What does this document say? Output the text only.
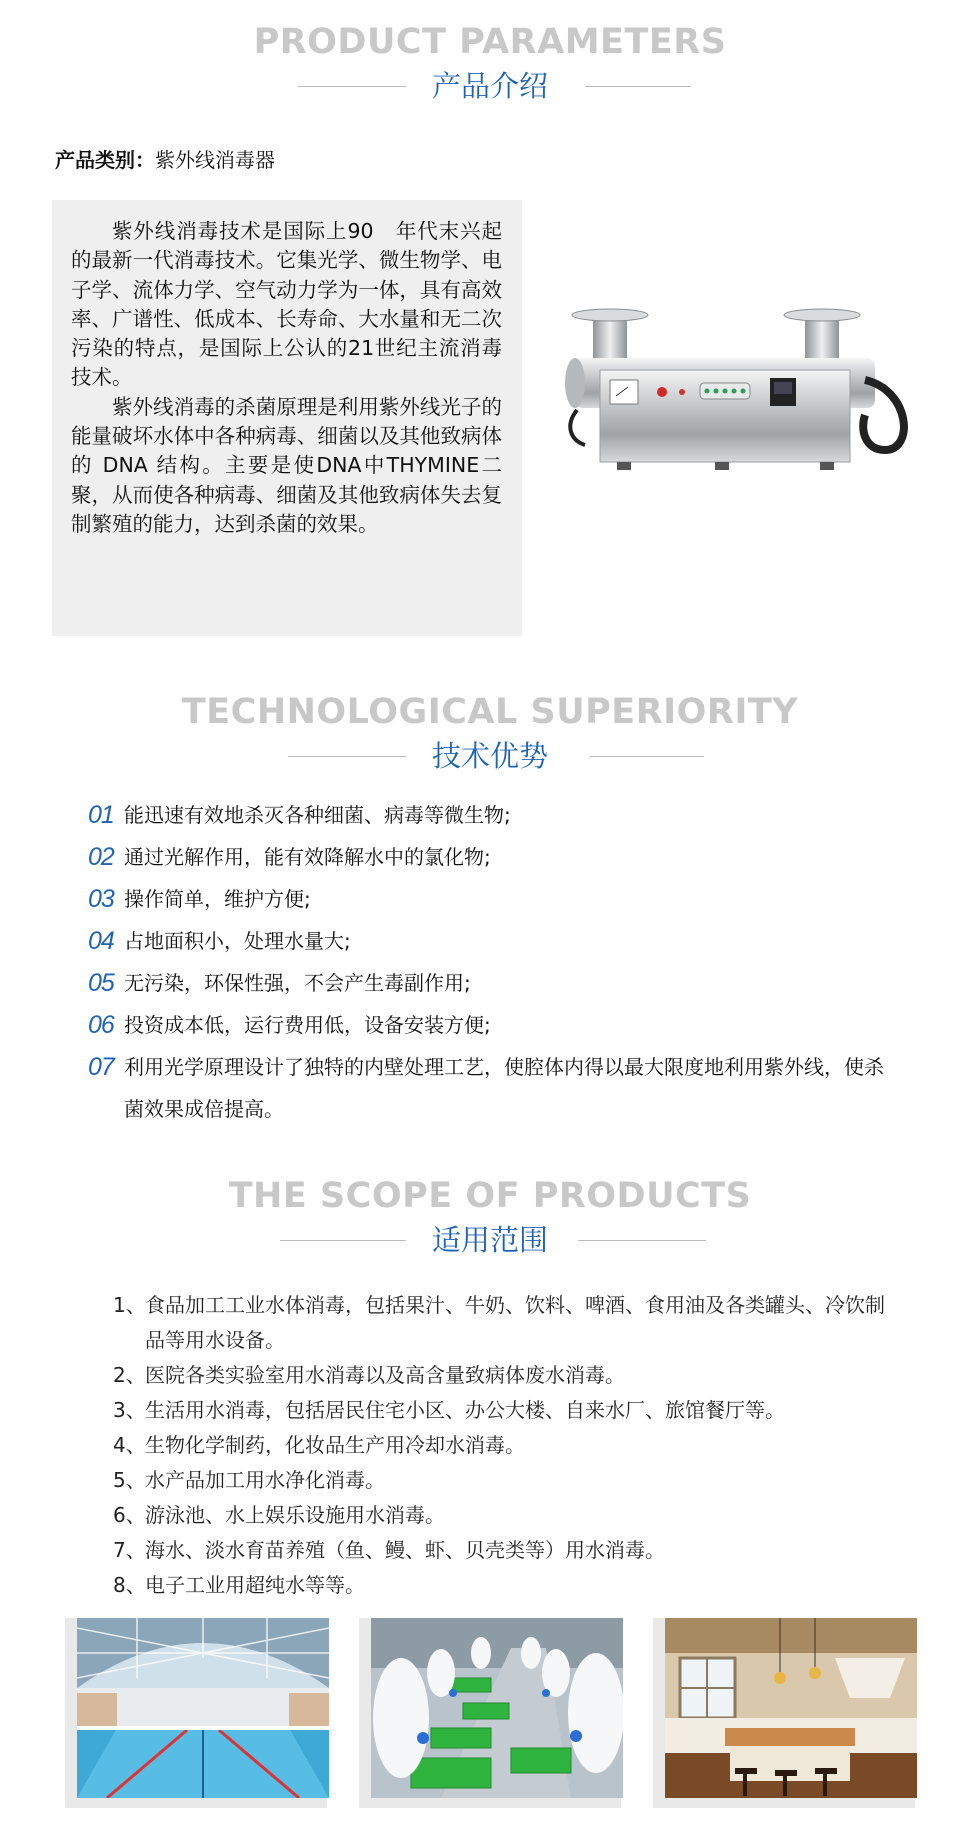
PRODUCT PARAMETERS
产品介绍
产品类别：紫外线消毒器

紫外线消毒技术是国际上90　年代末兴起的最新一代消毒技术。它集光学、微生物学、电子学、流体力学、空气动力学为一体，具有高效率、广谱性、低成本、长寿命、大水量和无二次污染的特点，是国际上公认的21世纪主流消毒技术。

紫外线消毒的杀菌原理是利用紫外线光子的能量破坏水体中各种病毒、细菌以及其他致病体的 DNA 结构。主要是使DNA中THYMINE二聚，从而使各种病毒、细菌及其他致病体失去复制繁殖的能力，达到杀菌的效果。

TECHNOLOGICAL SUPERIORITY
技术优势
01 能迅速有效地杀灭各种细菌、病毒等微生物;
02 通过光解作用，能有效降解水中的氯化物;
03 操作简单，维护方便;
04 占地面积小，处理水量大;
05 无污染，环保性强，不会产生毒副作用;
06 投资成本低，运行费用低，设备安装方便;
07 利用光学原理设计了独特的内壁处理工艺，使腔体内得以最大限度地利用紫外线，使杀菌效果成倍提高。
THE SCOPE OF PRODUCTS
适用范围
1、 食品加工工业水体消毒，包括果汁、牛奶、饮料、啤酒、食用油及各类罐头、冷饮制品等用水设备。
2、 医院各类实验室用水消毒以及高含量致病体废水消毒。
3、 生活用水消毒，包括居民住宅小区、办公大楼、自来水厂、旅馆餐厅等。
4、 生物化学制药，化妆品生产用冷却水消毒。
5、 水产品加工用水净化消毒。
6、 游泳池、水上娱乐设施用水消毒。
7、 海水、淡水育苗养殖（鱼、鳗、虾、贝壳类等）用水消毒。
8、 电子工业用超纯水等等。
